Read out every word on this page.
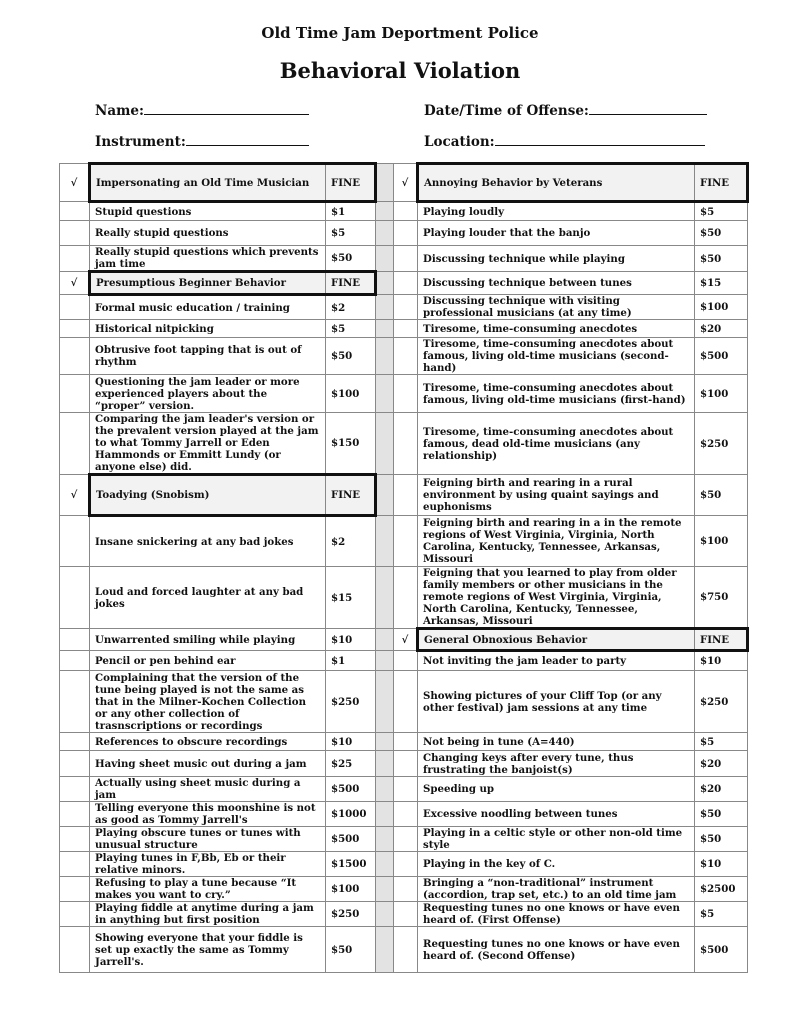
Old Time Jam Deportment Police
Behavioral Violation
Name:	Date/Time of Offense:
Instrument:	Location:
√	Impersonating an Old Time Musician	FINE		√	Annoying Behavior by Veterans	FINE
	Stupid questions	$1			Playing loudly	$5
	Really stupid questions	$5			Playing louder that the banjo	$50
	Really stupid questions which prevents jam time	$50			Discussing technique while playing	$50
√	Presumptious Beginner Behavior	FINE			Discussing technique between tunes	$15
	Formal music education / training	$2			Discussing technique with visiting professional musicians (at any time)	$100
	Historical nitpicking	$5			Tiresome, time-consuming anecdotes	$20
	Obtrusive foot tapping that is out of rhythm	$50			Tiresome, time-consuming anecdotes about famous, living old-time musicians (second-hand)	$500
	Questioning the jam leader or more experienced players about the “proper” version.	$100			Tiresome, time-consuming anecdotes about famous, living old-time musicians (first-hand)	$100
	Comparing the jam leader's version or the prevalent version played at the jam to what Tommy Jarrell or Eden Hammonds or Emmitt Lundy (or anyone else) did.	$150			Tiresome, time-consuming anecdotes about famous, dead old-time musicians (any relationship)	$250
√	Toadying (Snobism)	FINE			Feigning birth and rearing in a rural environment by using quaint sayings and euphonisms	$50
	Insane snickering at any bad jokes	$2			Feigning birth and rearing in a in the remote regions of West Virginia, Virginia, North Carolina, Kentucky, Tennessee, Arkansas, Missouri	$100
	Loud and forced laughter at any bad jokes	$15			Feigning that you learned to play from older family members or other musicians in the remote regions of West Virginia, Virginia, North Carolina, Kentucky, Tennessee, Arkansas, Missouri	$750
	Unwarrented smiling while playing	$10		√	General Obnoxious Behavior	FINE
	Pencil or pen behind ear	$1			Not inviting the jam leader to party	$10
	Complaining that the version of the tune being played is not the same as that in the Milner-Kochen Collection or any other collection of trasnscriptions or recordings	$250			Showing pictures of your Cliff Top (or any other festival) jam sessions at any time	$250
	References to obscure recordings	$10			Not being in tune (A=440)	$5
	Having sheet music out during a jam	$25			Changing keys after every tune, thus frustrating the banjoist(s)	$20
	Actually using sheet music during a jam	$500			Speeding up	$20
	Telling everyone this moonshine is not as good as Tommy Jarrell's	$1000			Excessive noodling between tunes	$50
	Playing obscure tunes or tunes with unusual structure	$500			Playing in a celtic style or other non-old time style	$50
	Playing tunes in F,Bb, Eb or their relative minors.	$1500			Playing in the key of C.	$10
	Refusing to play a tune because “It makes you want to cry.”	$100			Bringing a “non-traditional” instrument (accordion, trap set, etc.) to an old time jam	$2500
	Playing fiddle at anytime during a jam in anything but first position	$250			Requesting tunes no one knows or have even heard of. (First Offense)	$5
	Showing everyone that your fiddle is set up exactly the same as Tommy Jarrell's.	$50			Requesting tunes no one knows or have even heard of. (Second Offense)	$500
